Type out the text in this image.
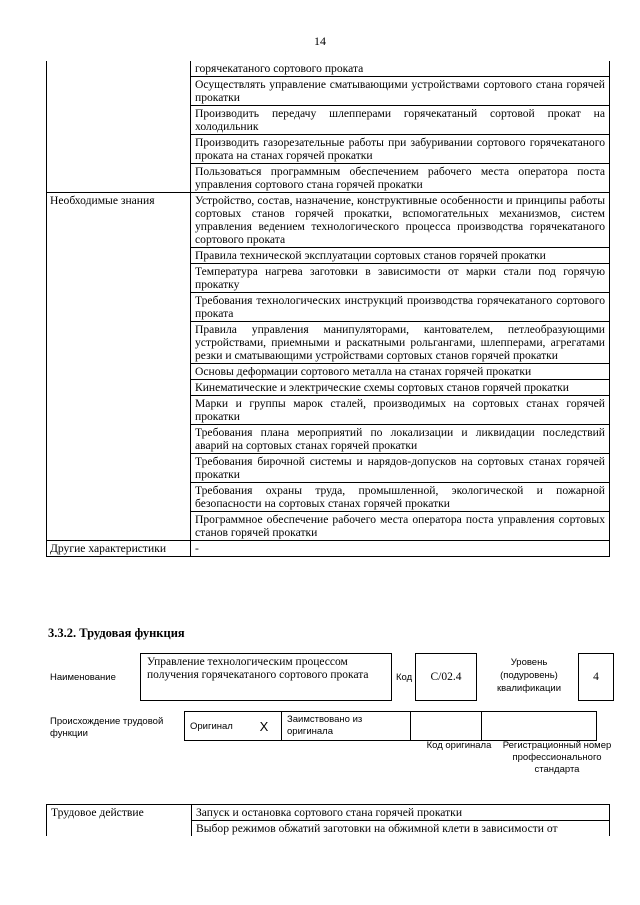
14
	горячекатаного сортового проката
	Осуществлять управление сматывающими устройствами сортового стана горячей прокатки
	Производить передачу шлепперами горячекатаный сортовой прокат на холодильник
	Производить газорезательные работы при забуривании сортового горячекатаного проката на станах горячей прокатки
	Пользоваться программным обеспечением рабочего места оператора поста управления сортового стана горячей прокатки
Необходимые знания	Устройство, состав, назначение, конструктивные особенности и принципы работы сортовых станов горячей прокатки, вспомогательных механизмов, систем управления ведением технологического процесса производства горячекатаного сортового проката
	Правила технической эксплуатации сортовых станов горячей прокатки
	Температура нагрева заготовки в зависимости от марки стали под горячую прокатку
	Требования технологических инструкций производства горячекатаного сортового проката
	Правила управления манипуляторами, кантователем, петлеобразующими устройствами, приемными и раскатными рольгангами, шлепперами, агрегатами резки и сматывающими устройствами сортовых станов горячей прокатки
	Основы деформации сортового металла на станах горячей прокатки
	Кинематические и электрические схемы сортовых станов горячей прокатки
	Марки и группы марок сталей, производимых на сортовых станах горячей прокатки
	Требования плана мероприятий по локализации и ликвидации последствий аварий на сортовых станах горячей прокатки
	Требования бирочной системы и нарядов-допусков на сортовых станах горячей прокатки
	Требования охраны труда, промышленной, экологической и пожарной безопасности на сортовых станах горячей прокатки
	Программное обеспечение рабочего места оператора поста управления сортовых станов горячей прокатки
Другие характеристики	-
3.3.2. Трудовая функция
Наименование
Управление технологическим процессом получения горячекатаного сортового проката	Код	C/02.4
Уровень (подуровень) квалификации
4
Происхождение трудовой функции
Оригинал	X	Заимствовано из оригинала		
Код оригинала Регистрационный номер профессионального стандарта
Трудовое действие	Запуск и остановка сортового стана горячей прокатки
Выбор режимов обжатий заготовки на обжимной клети в зависимости от
